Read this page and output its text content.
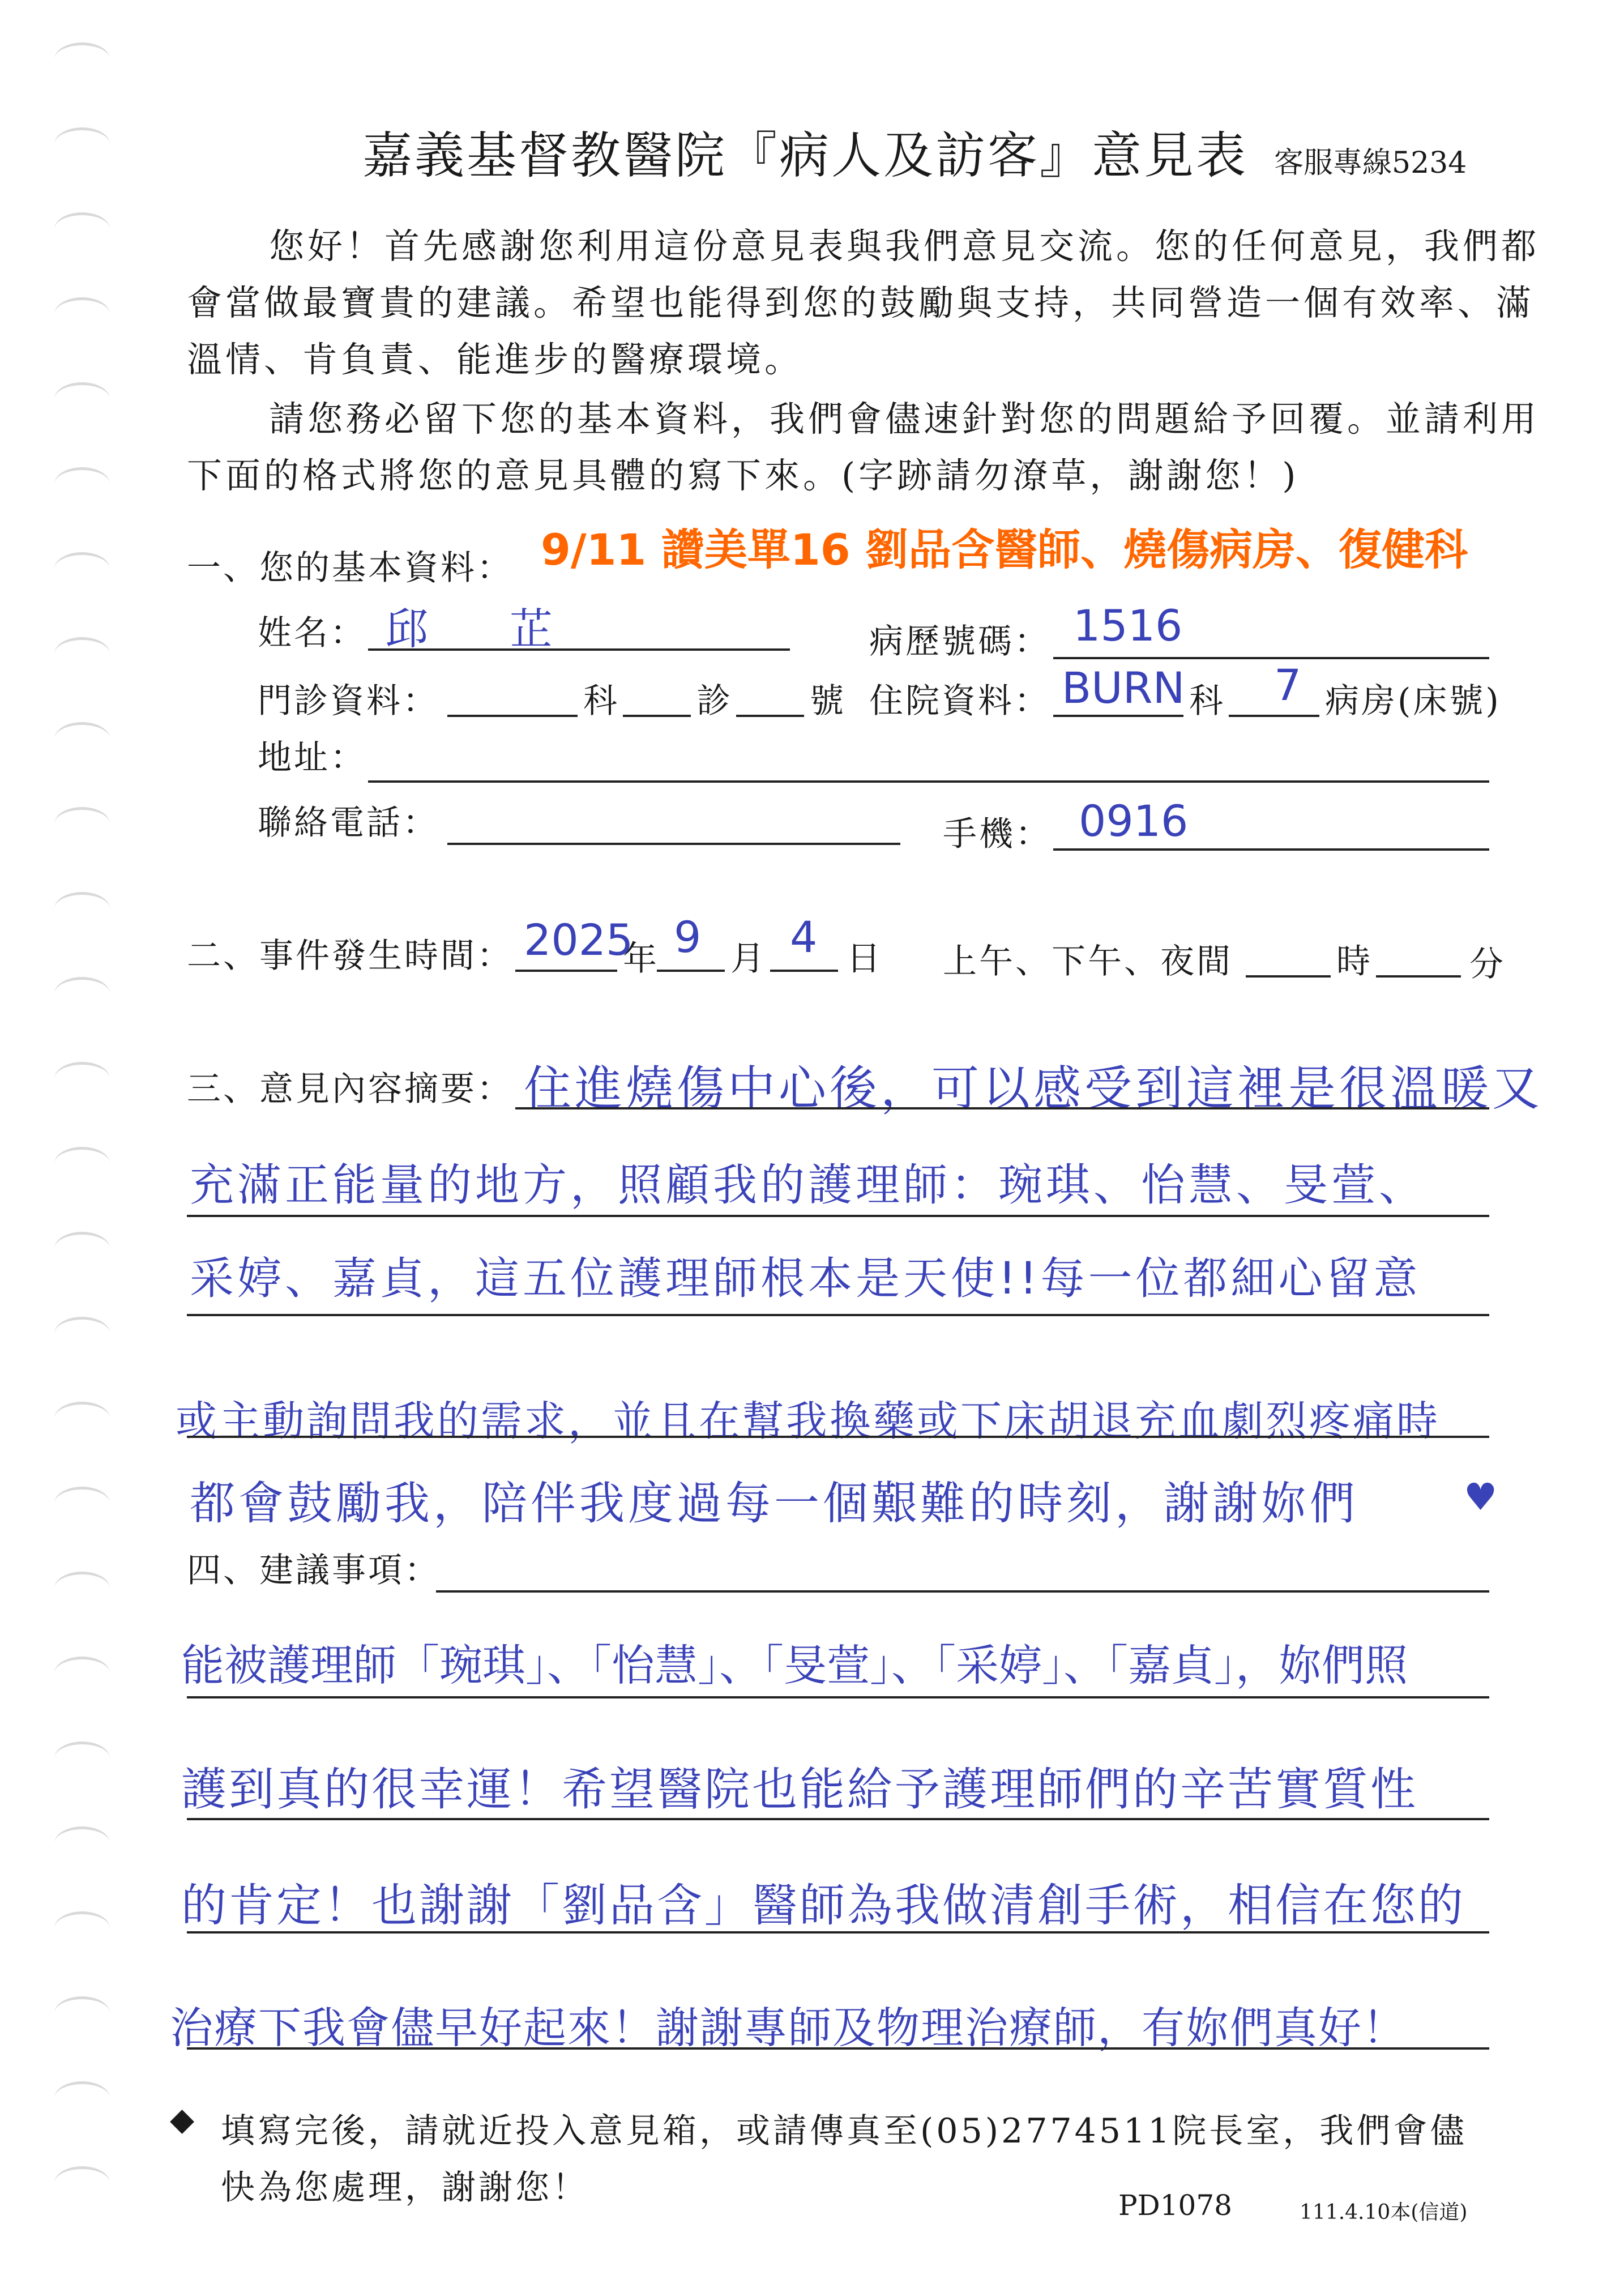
嘉義基督教醫院『病人及訪客』意見表 客服專線5234
您好！首先感謝您利用這份意見表與我們意見交流。您的任何意見，我們都
會當做最寶貴的建議。希望也能得到您的鼓勵與支持，共同營造一個有效率、滿
溫情、肯負責、能進步的醫療環境。
請您務必留下您的基本資料，我們會儘速針對您的問題給予回覆。並請利用
下面的格式將您的意見具體的寫下來。(字跡請勿潦草，謝謝您！)
9/11 讚美單16 劉品含醫師、燒傷病房、復健科
一、您的基本資料：
姓名： 邱 芷	病歷號碼： 1516
門診資料：	科 診 號 住院資料： BURN 科 7 病房(床號)
地址：
聯絡電話：	手機： 0916
二、事件發生時間： 2025
年 9 月 4 日 上午、下午、夜間	時	分
三、意見內容摘要： 住進燒傷中心後，可以感受到這裡是很溫暖又
充滿正能量的地方，照顧我的護理師：琬琪、怡慧、旻萱、
采婷、嘉貞，這五位護理師根本是天使!!每一位都細心留意
或主動詢問我的需求，並且在幫我換藥或下床胡退充血劇烈疼痛時
都會鼓勵我，陪伴我度過每一個艱難的時刻，謝謝妳們	♥
四、建議事項：
能被護理師「琬琪」、「怡慧」、「旻萱」、「采婷」、「嘉貞」，妳們照
護到真的很幸運！希望醫院也能給予護理師們的辛苦實質性
的肯定！也謝謝「劉品含」醫師為我做清創手術，相信在您的
治療下我會儘早好起來！謝謝專師及物理治療師，有妳們真好！
◆ 填寫完後，請就近投入意見箱，或請傳真至(05)2774511院長室，我們會儘
快為您處理，謝謝您！	PD1078	111.4.10本(信道)
